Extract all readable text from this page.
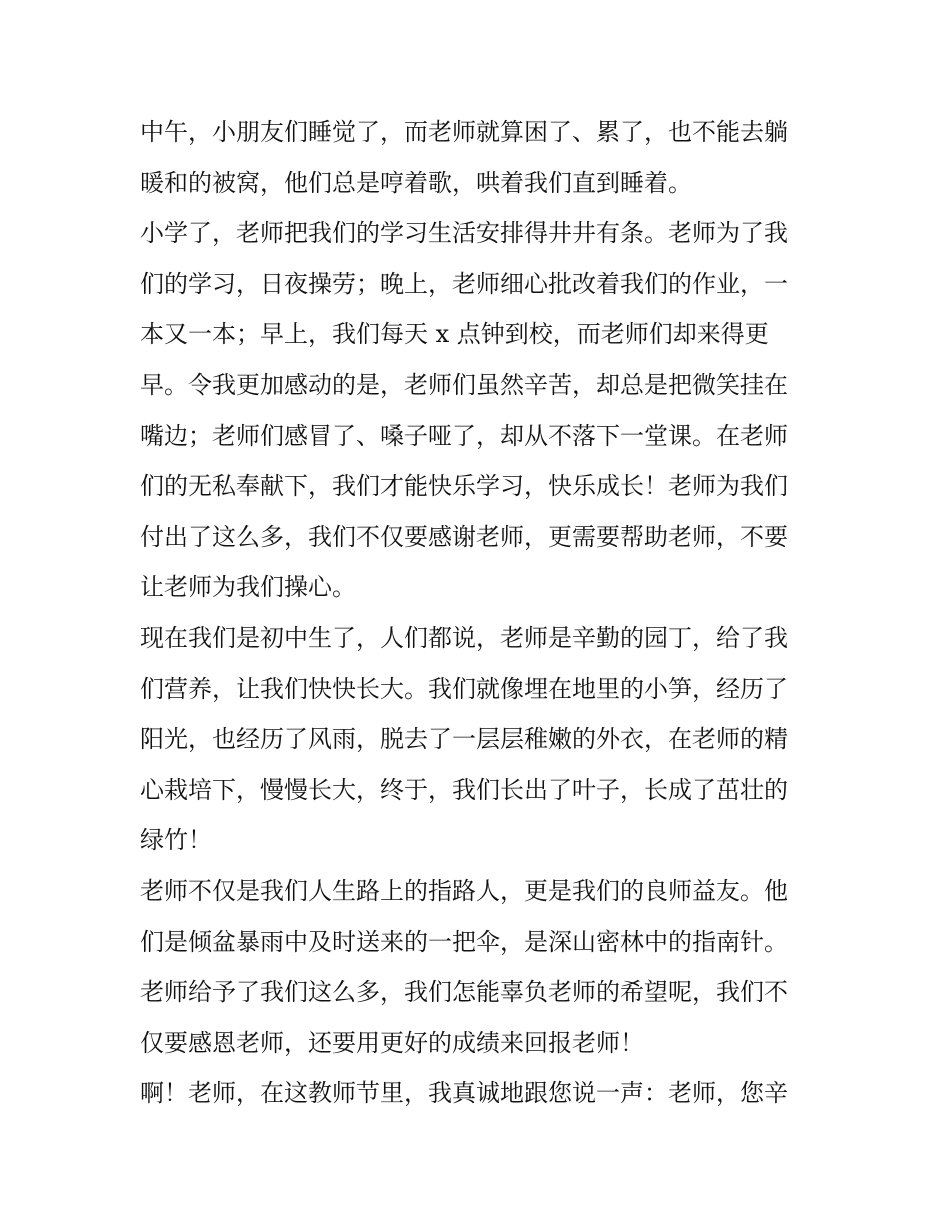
中午，小朋友们睡觉了，而老师就算困了、累了，也不能去躺
暖和的被窝，他们总是哼着歌，哄着我们直到睡着。
小学了，老师把我们的学习生活安排得井井有条。老师为了我
们的学习，日夜操劳；晚上，老师细心批改着我们的作业，一
本又一本；早上，我们每天 x 点钟到校，而老师们却来得更
早。令我更加感动的是，老师们虽然辛苦，却总是把微笑挂在
嘴边；老师们感冒了、嗓子哑了，却从不落下一堂课。在老师
们的无私奉献下，我们才能快乐学习，快乐成长！老师为我们
付出了这么多，我们不仅要感谢老师，更需要帮助老师，不要
让老师为我们操心。
现在我们是初中生了，人们都说，老师是辛勤的园丁，给了我
们营养，让我们快快长大。我们就像埋在地里的小笋，经历了
阳光，也经历了风雨，脱去了一层层稚嫩的外衣，在老师的精
心栽培下，慢慢长大，终于，我们长出了叶子，长成了茁壮的
绿竹！
老师不仅是我们人生路上的指路人，更是我们的良师益友。他
们是倾盆暴雨中及时送来的一把伞，是深山密林中的指南针。
老师给予了我们这么多，我们怎能辜负老师的希望呢，我们不
仅要感恩老师，还要用更好的成绩来回报老师！
啊！老师，在这教师节里，我真诚地跟您说一声：老师，您辛
